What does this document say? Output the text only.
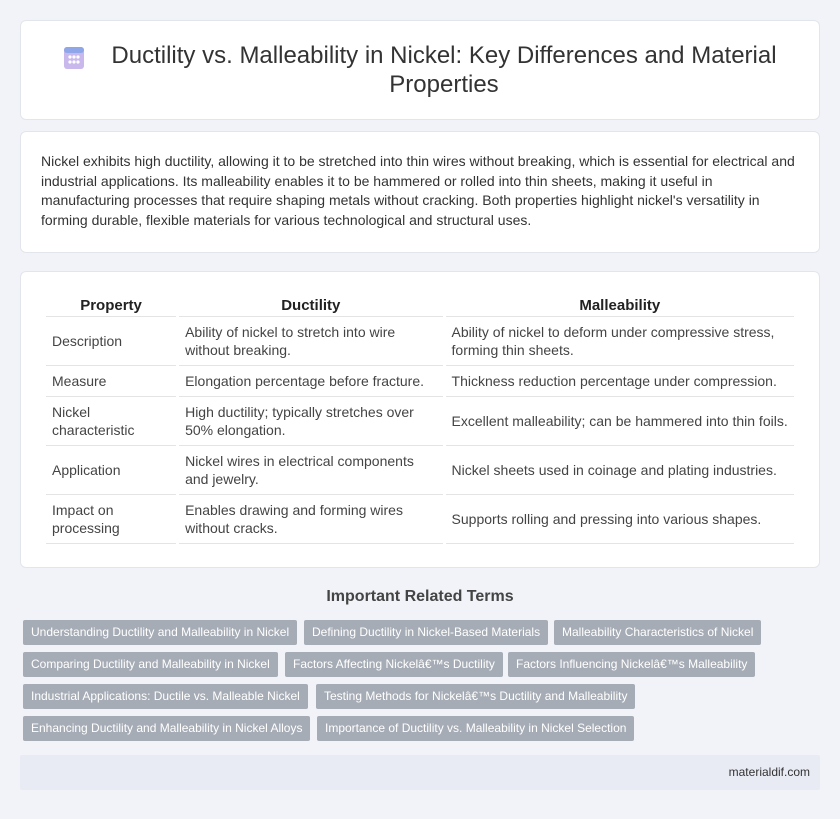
Ductility vs. Malleability in Nickel: Key Differences and Material Properties

Nickel exhibits high ductility, allowing it to be stretched into thin wires without breaking, which is essential for electrical and industrial applications. Its malleability enables it to be hammered or rolled into thin sheets, making it useful in manufacturing processes that require shaping metals without cracking. Both properties highlight nickel's versatility in forming durable, flexible materials for various technological and structural uses.

Property	Ductility	Malleability
Description	Ability of nickel to stretch into wire without breaking.	Ability of nickel to deform under compressive stress, forming thin sheets.
Measure	Elongation percentage before fracture.	Thickness reduction percentage under compression.
Nickel characteristic	High ductility; typically stretches over 50% elongation.	Excellent malleability; can be hammered into thin foils.
Application	Nickel wires in electrical components and jewelry.	Nickel sheets used in coinage and plating industries.
Impact on processing	Enables drawing and forming wires without cracks.	Supports rolling and pressing into various shapes.
Important Related Terms
Understanding Ductility and Malleability in Nickel	Defining Ductility in Nickel-Based Materials	Malleability Characteristics of Nickel
Comparing Ductility and Malleability in Nickel	Factors Affecting Nickelâ€™s Ductility	Factors Influencing Nickelâ€™s Malleability
Industrial Applications: Ductile vs. Malleable Nickel	Testing Methods for Nickelâ€™s Ductility and Malleability
Enhancing Ductility and Malleability in Nickel Alloys	Importance of Ductility vs. Malleability in Nickel Selection
materialdif.com
